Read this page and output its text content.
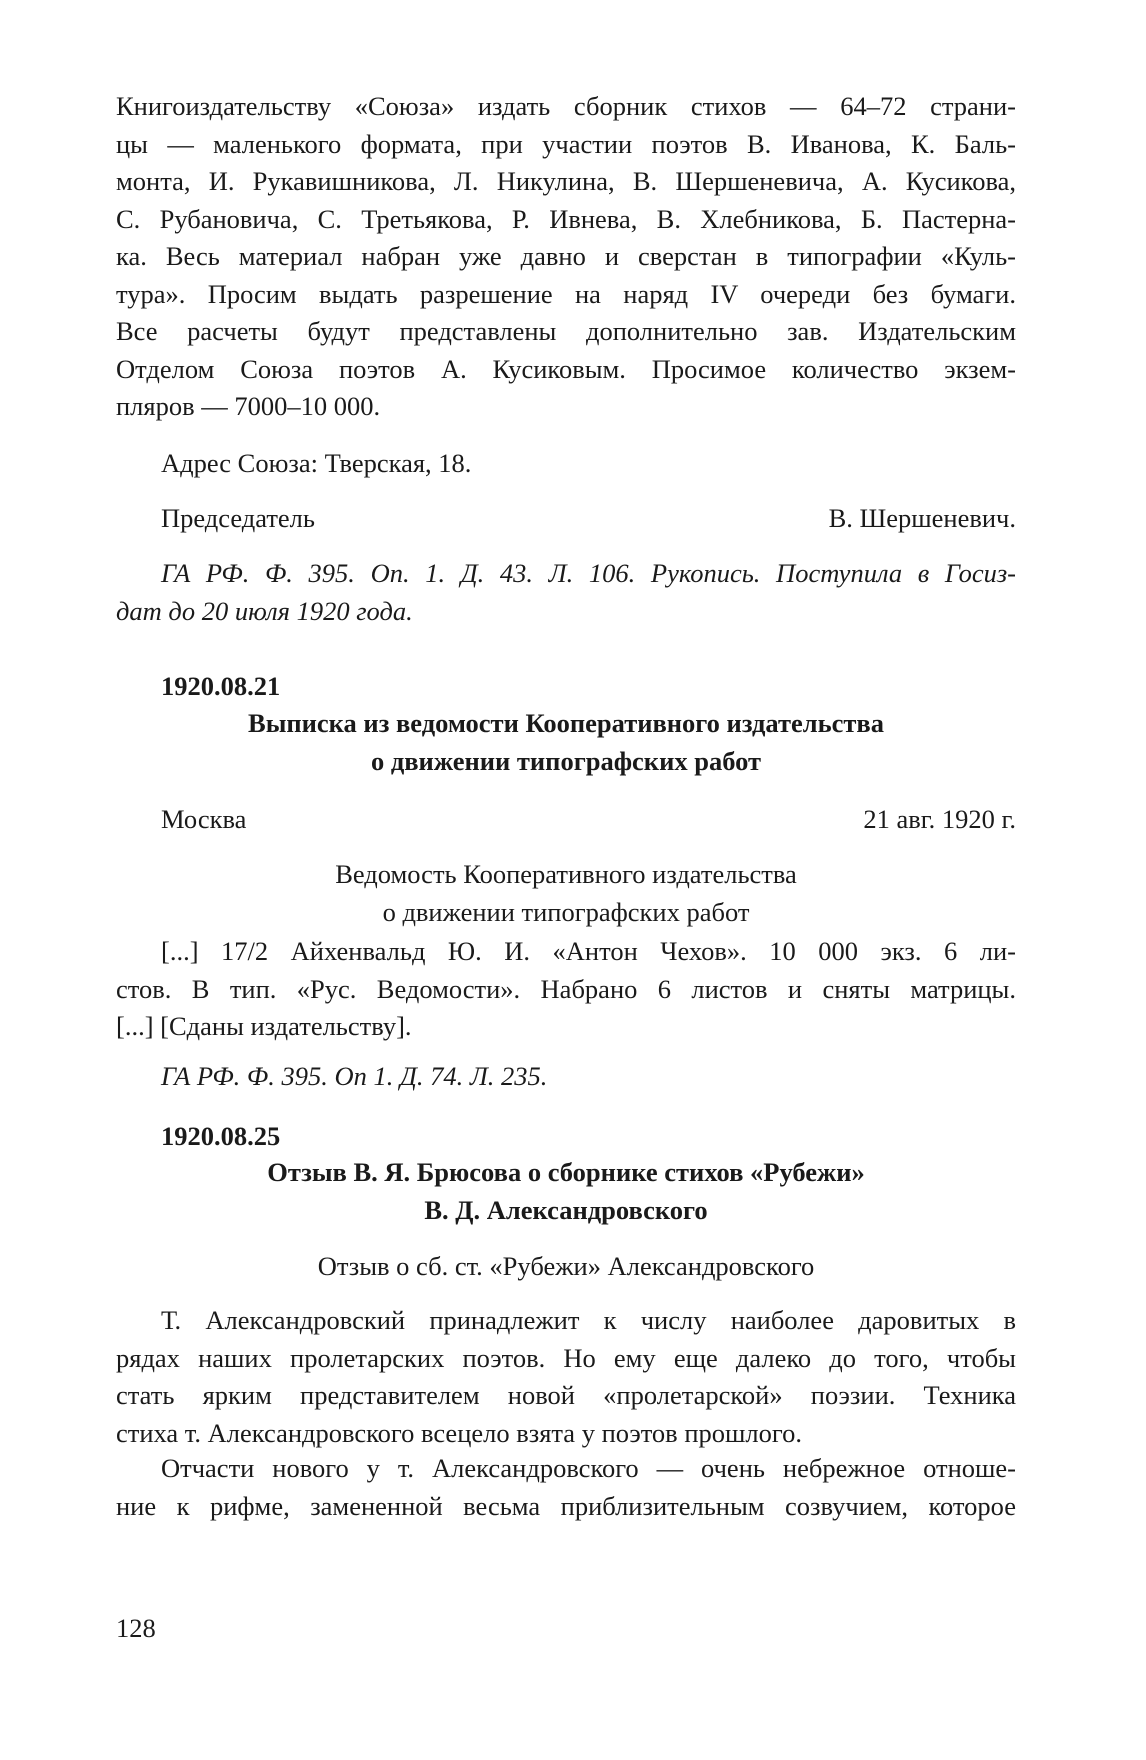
Книгоиздательству «Союза» издать сборник стихов — 64–72 страни-

цы — маленького формата, при участии поэтов В. Иванова, К. Баль-

монта, И. Рукавишникова, Л. Никулина, В. Шершеневича, А. Кусикова,

С. Рубановича, С. Третьякова, Р. Ивнева, В. Хлебникова, Б. Пастерна-

ка. Весь материал набран уже давно и сверстан в типографии «Куль-

тура». Просим выдать разрешение на наряд IV очереди без бумаги.

Все расчеты будут представлены дополнительно зав. Издательским

Отделом Союза поэтов А. Кусиковым. Просимое количество экзем-

пляров — 7000–10 000.

Адрес Союза: Тверская, 18.

Председатель	В. Шершеневич.

ГА РФ. Ф. 395. Оп. 1. Д. 43. Л. 106. Рукопись. Поступила в Госиз-

дат до 20 июля 1920 года.

1920.08.21

Выписка из ведомости Кооперативного издательства

о движении типографских работ

Москва	21 авг. 1920 г.

Ведомость Кооперативного издательства

о движении типографских работ

[...] 17/2 Айхенвальд Ю. И. «Антон Чехов». 10 000 экз. 6 ли-

стов. В тип. «Рус. Ведомости». Набрано 6 листов и сняты матрицы.

[...] [Сданы издательству].

ГА РФ. Ф. 395. Оп 1. Д. 74. Л. 235.

1920.08.25

Отзыв В. Я. Брюсова о сборнике стихов «Рубежи»

В. Д. Александровского

Отзыв о сб. ст. «Рубежи» Александровского

Т. Александровский принадлежит к числу наиболее даровитых в

рядах наших пролетарских поэтов. Но ему еще далеко до того, чтобы

стать ярким представителем новой «пролетарской» поэзии. Техника

стиха т. Александровского всецело взята у поэтов прошлого.

Отчасти нового у т. Александровского — очень небрежное отноше-

ние к рифме, замененной весьма приблизительным созвучием, которое

128
